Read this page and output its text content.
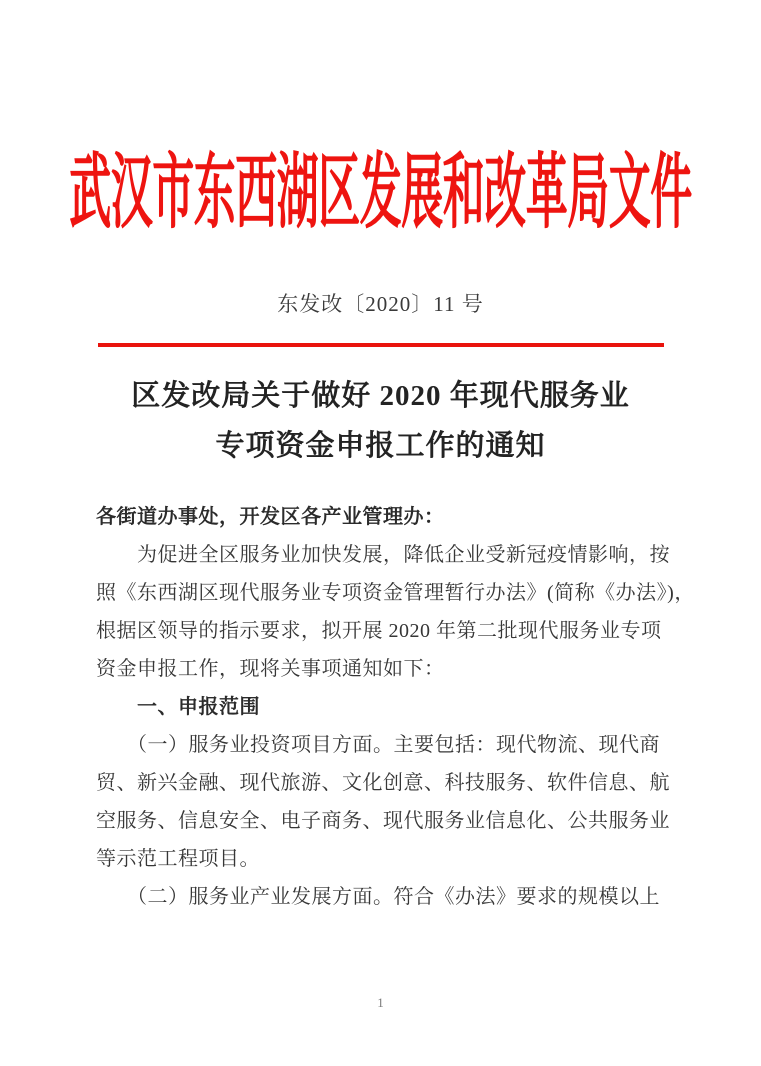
武汉市东西湖区发展和改革局文件
东发改〔2020〕11 号
区发改局关于做好 2020 年现代服务业
专项资金申报工作的通知
各街道办事处，开发区各产业管理办：
　　为促进全区服务业加快发展，降低企业受新冠疫情影响，按
照《东西湖区现代服务业专项资金管理暂行办法》(简称《办法》)，
根据区领导的指示要求，拟开展 2020 年第二批现代服务业专项
资金申报工作，现将关事项通知如下：
　　一、申报范围
　　（一）服务业投资项目方面。主要包括：现代物流、现代商
贸、新兴金融、现代旅游、文化创意、科技服务、软件信息、航
空服务、信息安全、电子商务、现代服务业信息化、公共服务业
等示范工程项目。
　　（二）服务业产业发展方面。符合《办法》要求的规模以上
1
